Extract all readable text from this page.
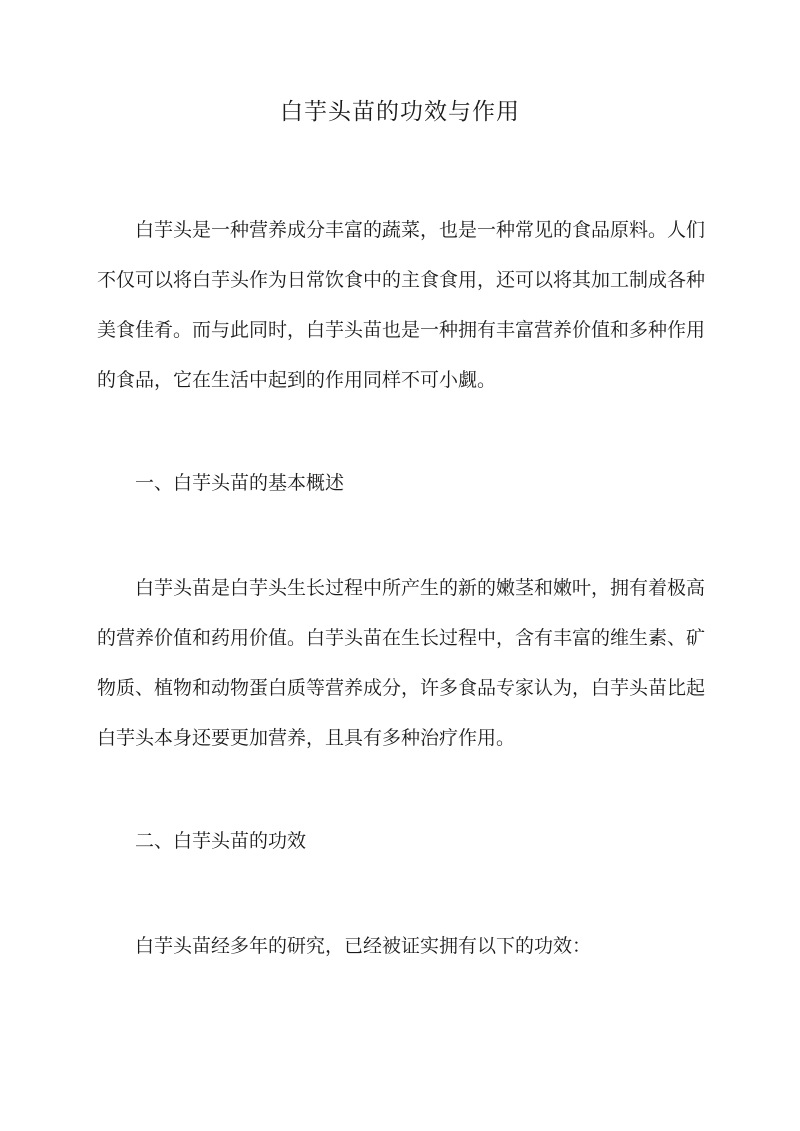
白芋头苗的功效与作用
白芋头是一种营养成分丰富的蔬菜，也是一种常见的食品原料。人们
不仅可以将白芋头作为日常饮食中的主食食用，还可以将其加工制成各种
美食佳肴。而与此同时，白芋头苗也是一种拥有丰富营养价值和多种作用
的食品，它在生活中起到的作用同样不可小觑。
一、白芋头苗的基本概述
白芋头苗是白芋头生长过程中所产生的新的嫩茎和嫩叶，拥有着极高
的营养价值和药用价值。白芋头苗在生长过程中，含有丰富的维生素、矿
物质、植物和动物蛋白质等营养成分，许多食品专家认为，白芋头苗比起
白芋头本身还要更加营养，且具有多种治疗作用。
二、白芋头苗的功效
白芋头苗经多年的研究，已经被证实拥有以下的功效：
